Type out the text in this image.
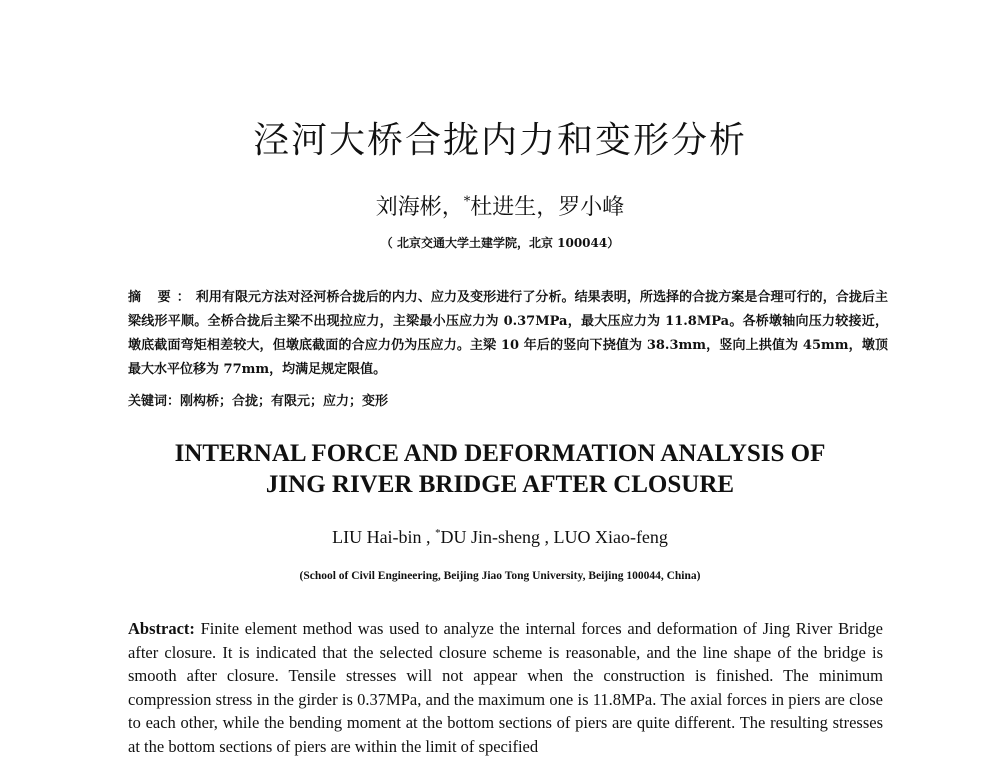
泾河大桥合拢内力和变形分析
刘海彬，*杜进生，罗小峰
（ 北京交通大学土建学院，北京 100044）
摘 要：利用有限元方法对泾河桥合拢后的内力、应力及变形进行了分析。结果表明，所选择的合拢方案是合理可行的，合拢后主梁线形平顺。全桥合拢后主梁不出现拉应力，主梁最小压应力为 0.37MPa，最大压应力为 11.8MPa。各桥墩轴向压力较接近，墩底截面弯矩相差较大，但墩底截面的合应力仍为压应力。主梁 10 年后的竖向下挠值为 38.3mm，竖向上拱值为 45mm，墩顶最大水平位移为 77mm，均满足规定限值。
关键词：刚构桥；合拢；有限元；应力；变形
INTERNAL FORCE AND DEFORMATION ANALYSIS OF
JING RIVER BRIDGE AFTER CLOSURE
LIU Hai-bin , *DU Jin-sheng , LUO Xiao-feng
(School of Civil Engineering, Beijing Jiao Tong University, Beijing 100044, China)
Abstract: Finite element method was used to analyze the internal forces and deformation of Jing River Bridge after closure. It is indicated that the selected closure scheme is reasonable, and the line shape of the bridge is smooth after closure. Tensile stresses will not appear when the construction is finished. The minimum compression stress in the girder is 0.37MPa, and the maximum one is 11.8MPa. The axial forces in piers are close to each other, while the bending moment at the bottom sections of piers are quite different. The resulting stresses at the bottom sections of piers are within the limit of specified
